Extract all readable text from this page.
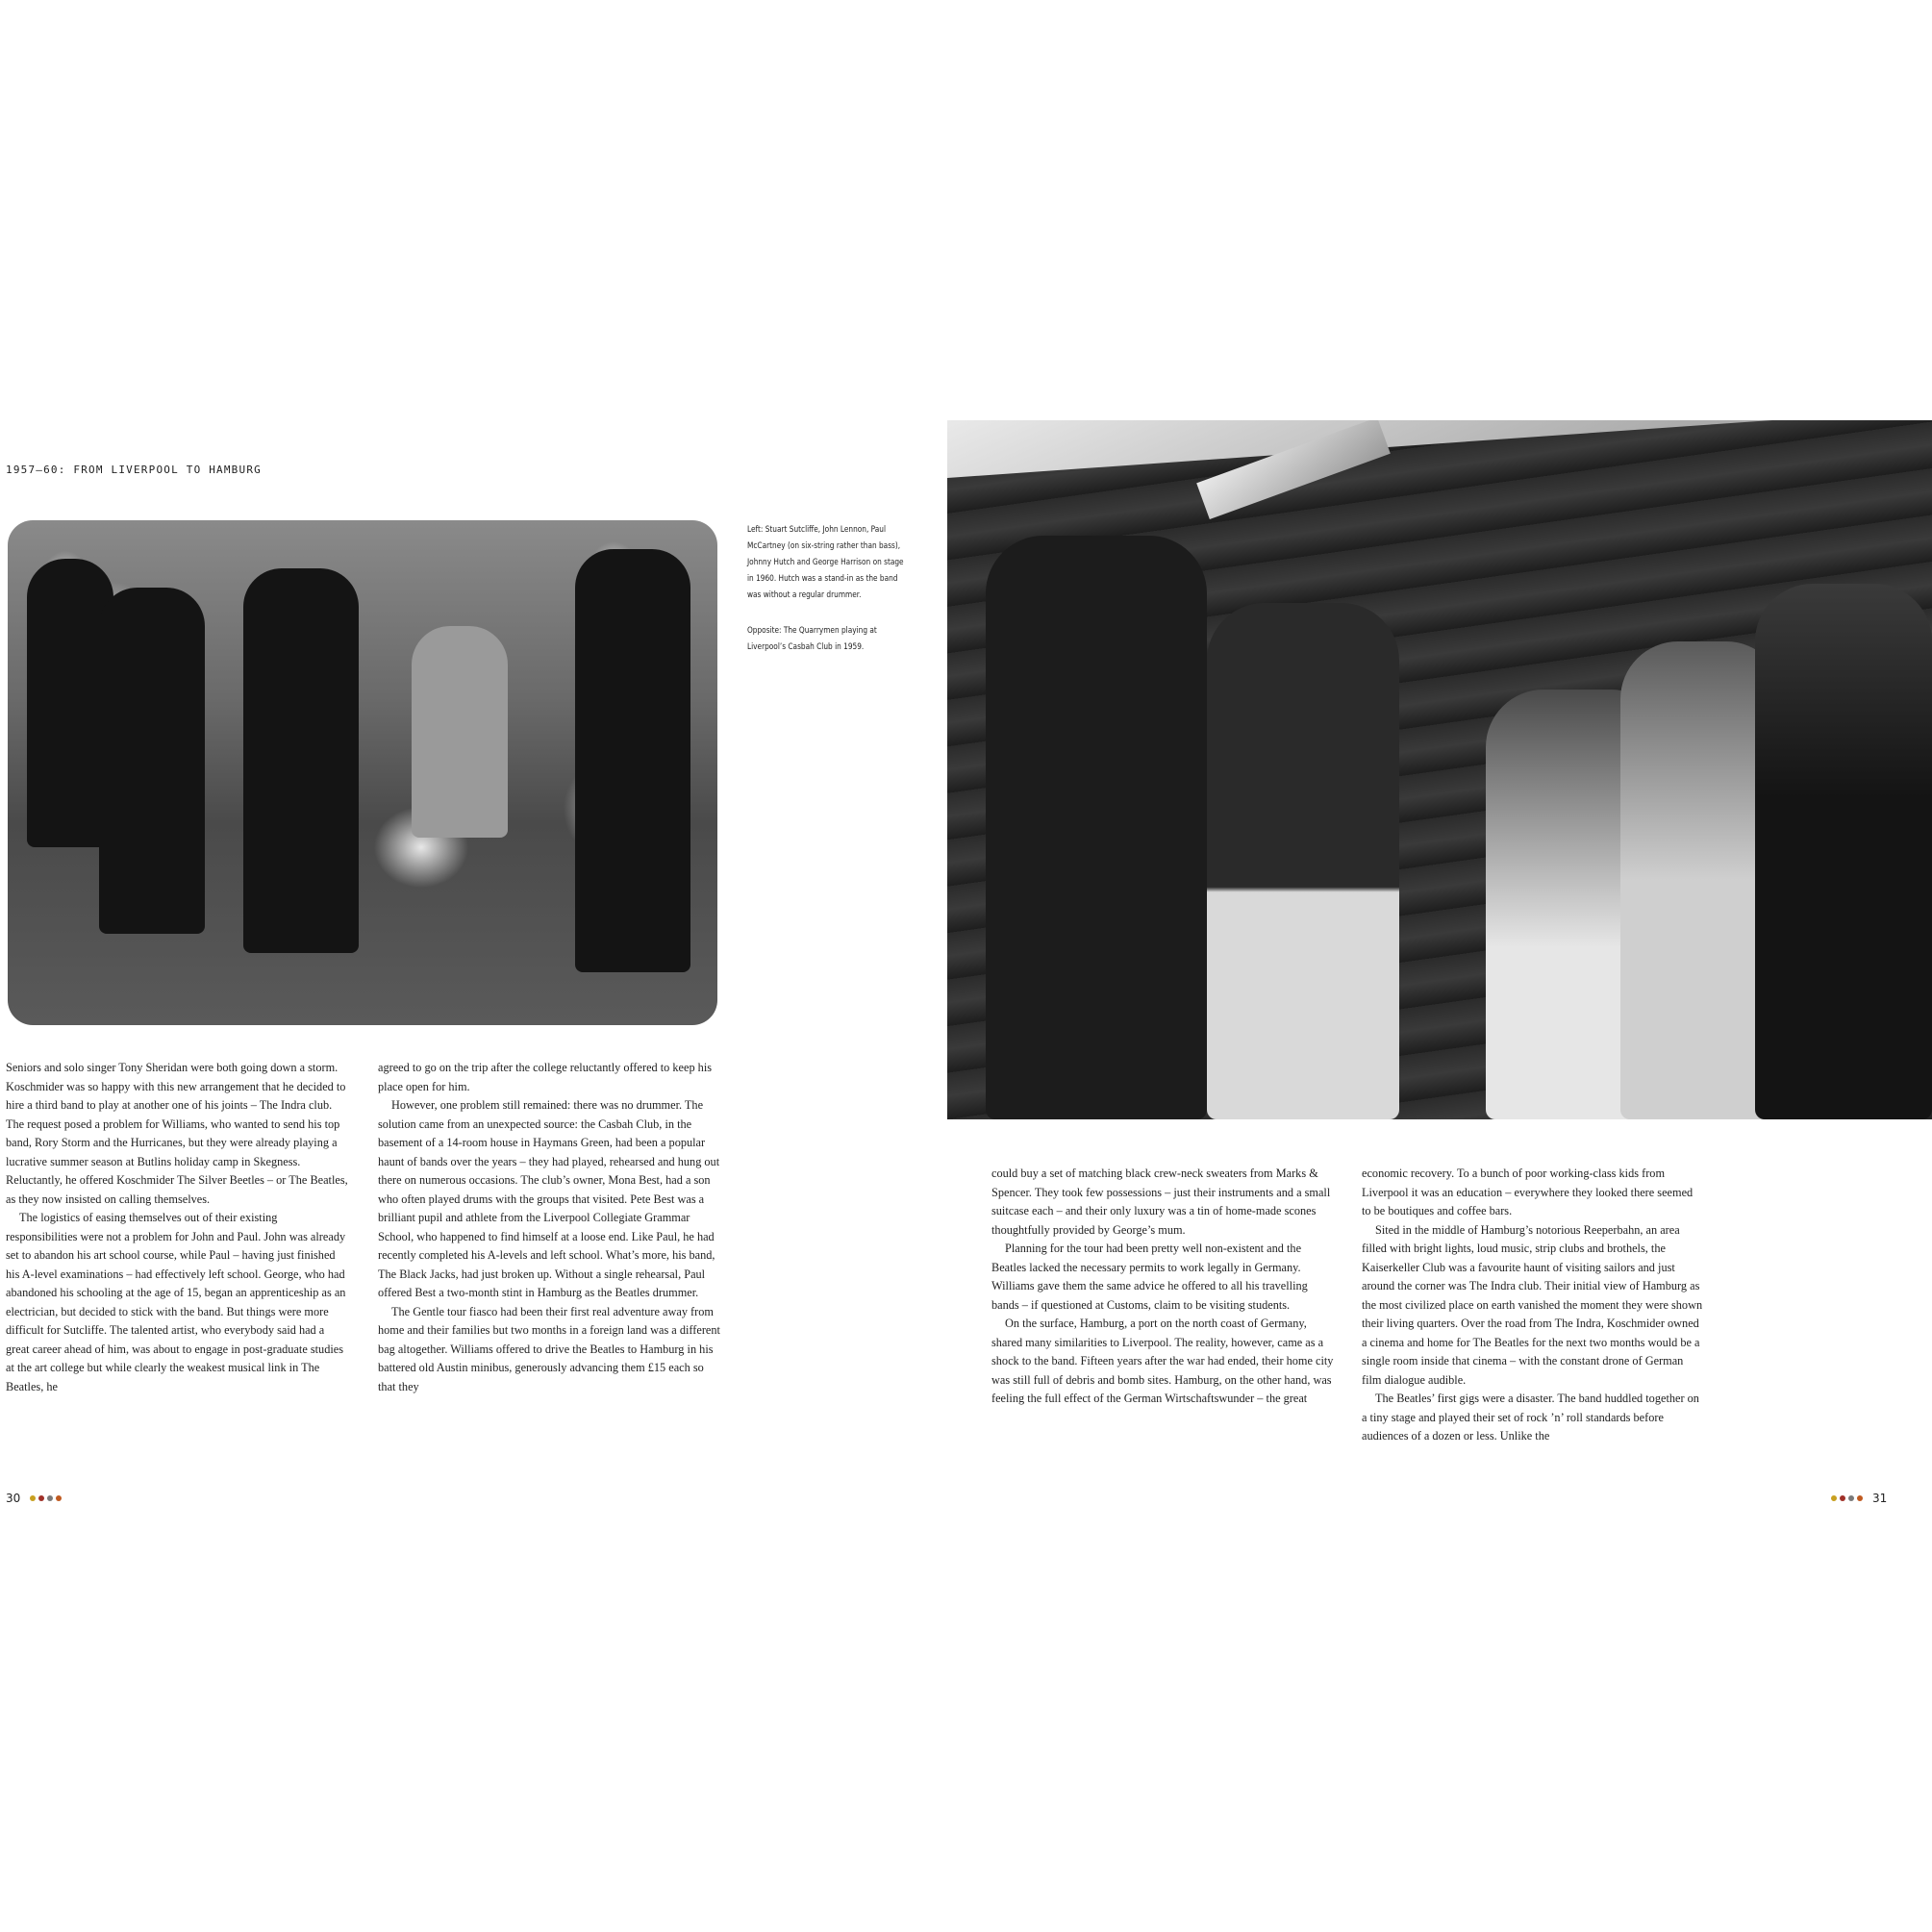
1957–60: FROM LIVERPOOL TO HAMBURG

Left: Stuart Sutcliffe, John Lennon, Paul McCartney (on six-string rather than bass), Johnny Hutch and George Harrison on stage in 1960. Hutch was a stand-in as the band was without a regular drummer.

Opposite: The Quarrymen playing at Liverpool’s Casbah Club in 1959.

Seniors and solo singer Tony Sheridan were both going down a storm. Koschmider was so happy with this new arrangement that he decided to hire a third band to play at another one of his joints – The Indra club. The request posed a problem for Williams, who wanted to send his top band, Rory Storm and the Hurricanes, but they were already playing a lucrative summer season at Butlins holiday camp in Skegness. Reluctantly, he offered Koschmider The Silver Beetles – or The Beatles, as they now insisted on calling themselves.

The logistics of easing themselves out of their existing responsibilities were not a problem for John and Paul. John was already set to abandon his art school course, while Paul – having just finished his A-level examinations – had effectively left school. George, who had abandoned his schooling at the age of 15, began an apprenticeship as an electrician, but decided to stick with the band. But things were more difficult for Sutcliffe. The talented artist, who everybody said had a great career ahead of him, was about to engage in post-graduate studies at the art college but while clearly the weakest musical link in The Beatles, he

agreed to go on the trip after the college reluctantly offered to keep his place open for him.

However, one problem still remained: there was no drummer. The solution came from an unexpected source: the Casbah Club, in the basement of a 14-room house in Haymans Green, had been a popular haunt of bands over the years – they had played, rehearsed and hung out there on numerous occasions. The club’s owner, Mona Best, had a son who often played drums with the groups that visited. Pete Best was a brilliant pupil and athlete from the Liverpool Collegiate Grammar School, who happened to find himself at a loose end. Like Paul, he had recently completed his A-levels and left school. What’s more, his band, The Black Jacks, had just broken up. Without a single rehearsal, Paul offered Best a two-month stint in Hamburg as the Beatles drummer.

The Gentle tour fiasco had been their first real adventure away from home and their families but two months in a foreign land was a different bag altogether. Williams offered to drive the Beatles to Hamburg in his battered old Austin minibus, generously advancing them £15 each so that they

could buy a set of matching black crew-neck sweaters from Marks & Spencer. They took few possessions – just their instruments and a small suitcase each – and their only luxury was a tin of home-made scones thoughtfully provided by George’s mum.

Planning for the tour had been pretty well non-existent and the Beatles lacked the necessary permits to work legally in Germany. Williams gave them the same advice he offered to all his travelling bands – if questioned at Customs, claim to be visiting students.

On the surface, Hamburg, a port on the north coast of Germany, shared many similarities to Liverpool. The reality, however, came as a shock to the band. Fifteen years after the war had ended, their home city was still full of debris and bomb sites. Hamburg, on the other hand, was feeling the full effect of the German Wirtschaftswunder – the great

economic recovery. To a bunch of poor working-class kids from Liverpool it was an education – everywhere they looked there seemed to be boutiques and coffee bars.

Sited in the middle of Hamburg’s notorious Reeperbahn, an area filled with bright lights, loud music, strip clubs and brothels, the Kaiserkeller Club was a favourite haunt of visiting sailors and just around the corner was The Indra club. Their initial view of Hamburg as the most civilized place on earth vanished the moment they were shown their living quarters. Over the road from The Indra, Koschmider owned a cinema and home for The Beatles for the next two months would be a single room inside that cinema – with the constant drone of German film dialogue audible.

The Beatles’ first gigs were a disaster. The band huddled together on a tiny stage and played their set of rock ’n’ roll standards before audiences of a dozen or less. Unlike the

30	31
